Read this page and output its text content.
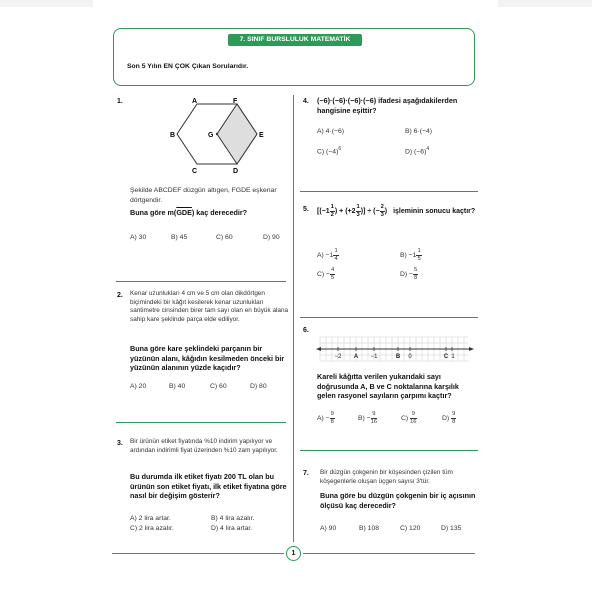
7. SINIF BURSLULUK MATEMATİK
Son 5 Yılın EN ÇOK Çıkan Sorularıdır.
1.	A	F
B	G	E
C	D
Şekilde ABCDEF düzgün altıgen, FGDE eşkenar dörtgendir.
Buna göre $m(\overline{GDE})$ kaç derecedir?
A) 30	B) 45	C) 60	D) 90
2. Kenar uzunlukları 4 cm ve 5 cm olan dikdörtgen biçimindeki bir kâğıt kesilerek kenar uzunlukları santimetre cinsinden birer tam sayı olan en büyük alana sahip kare şeklinde parça elde ediliyor.
Buna göre kare şeklindeki parçanın bir yüzünün alanı, kâğıdın kesilmeden önceki bir yüzünün alanının yüzde kaçıdır?
A) 20	B) 40	C) 60	D) 80
3. Bir ürünün etiket fiyatında %10 indirim yapılıyor ve ardından indirimli fiyat üzerinden %10 zam yapılıyor.
Bu durumda ilk etiket fiyatı 200 TL olan bu ürünün son etiket fiyatı, ilk etiket fiyatına göre nasıl bir değişim gösterir?
A) 2 lira artar.	B) 4 lira azalır.
C) 2 lira azalır.	D) 4 lira artar.
4. (−6)·(−6)·(−6)·(−6) ifadesi aşağıdakilerden hangisine eşittir?
A) 4·(−6)	B) 6·(−4)
C) $(-4)^6$	D) $(-6)^4$
5. [($-1 \frac{1}{2}$ ) + ($+2 \frac{1}{3}$ )] ÷ (− $\frac{2}{3}$ ) işleminin sonucu kaçtır?
$A) -1 \frac{1}{4}$	$B) -1 \frac{1}{5}$
$C) - \frac{4}{5}$	$D) - \frac{5}{8}$
6.
−2 A −1	B 0	C 1
Kareli kâğıtta verilen yukarıdaki sayı doğrusunda A, B ve C noktalarına karşılık gelen rasyonel sayıların çarpımı kaçtır?
$A) - \frac{9}{8}$	$B) - \frac{9}{16}$	$C) \frac{9}{16}$	$D) \frac{9}{8}$
7. Bir düzgün çokgenin bir köşesinden çizilen tüm köşegenlerle oluşan üçgen sayısı 3'tür.
Buna göre bu düzgün çokgenin bir iç açısının ölçüsü kaç derecedir?
A) 90	B) 108	C) 120	D) 135
1
